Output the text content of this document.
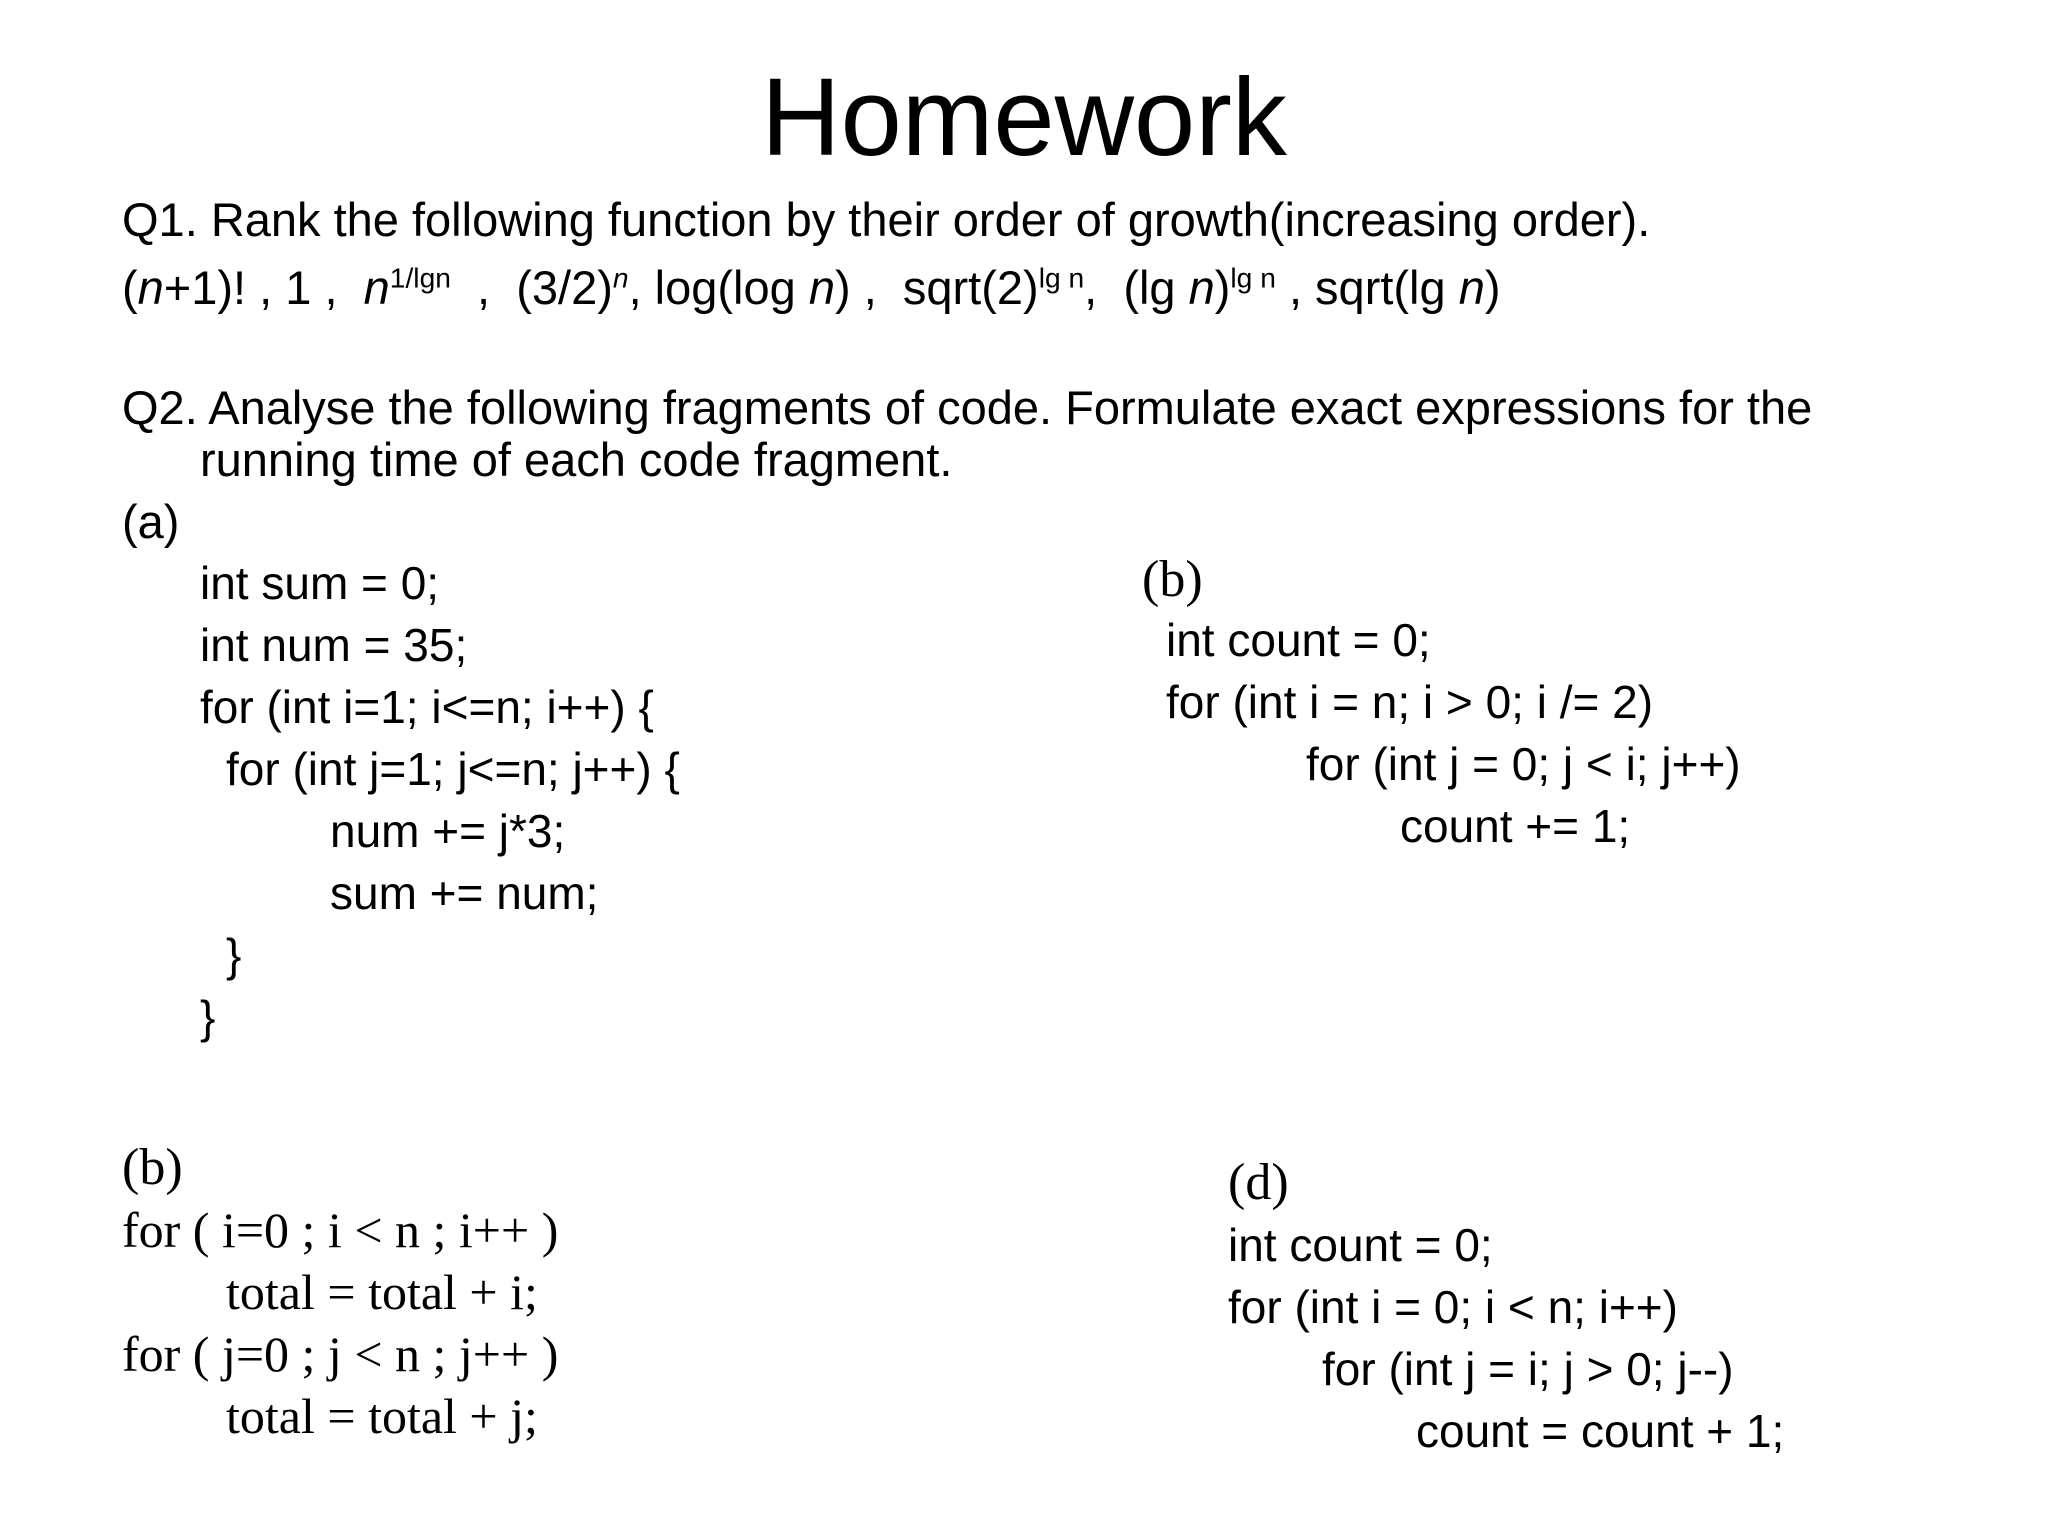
Homework
Q1. Rank the following function by their order of growth(increasing order).
(n+1)! , 1 , $n^{1/lgn}$ , $(3/2)^n$, log(log n) , $sqrt(2)^{lg n}$, (lg n)$^{lg n}$ , sqrt(lg n)
Q2. Analyse the following fragments of code. Formulate exact expressions for the
running time of each code fragment.
(a)
int sum = 0;
int num = 35;
for (int i=1; i<=n; i++) {
for (int j=1; j<=n; j++) {
num += j*3;
sum += num;
}
}
(b)
int count = 0;
for (int i = n; i > 0; i /= 2)
for (int j = 0; j < i; j++)
count += 1;
(b)
for ( i=0 ; i < n ; i++ )
total = total + i;
for ( j=0 ; j < n ; j++ )
total = total + j;
(d)
int count = 0;
for (int i = 0; i < n; i++)
for (int j = i; j > 0; j--)
count = count + 1;
